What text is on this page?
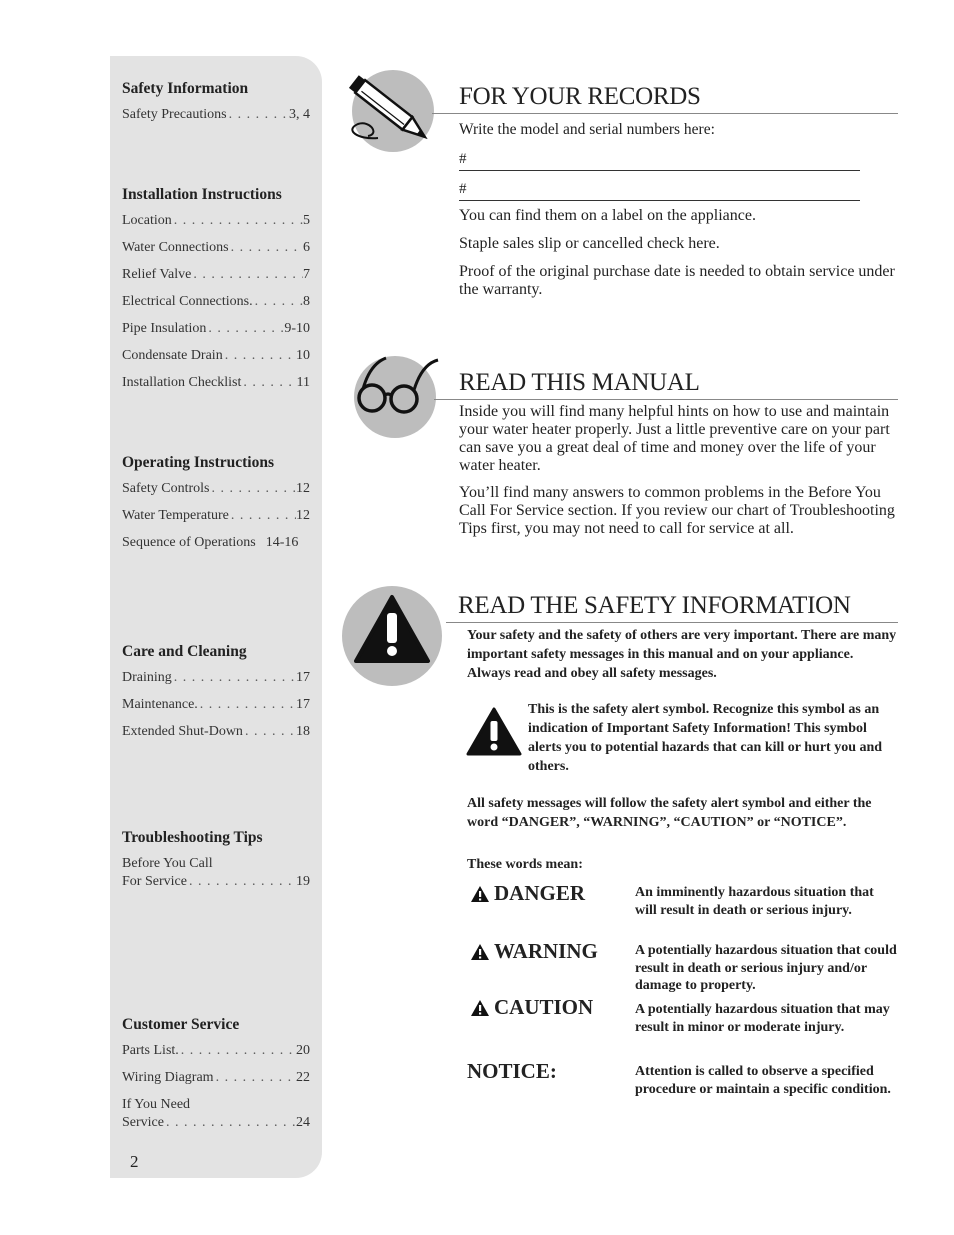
Safety Information
Safety Precautions . . .	3, 4
Installation Instructions
Location . . .	5
Water Connections . . .	6
Relief Valve . . .	7
Electrical Connections. . . .	8
Pipe Insulation . . .	9-10
Condensate Drain . . .	10
Installation Checklist . . .	11
Operating Instructions
Safety Controls . . .	12
Water Temperature . . .	12
Sequence of Operations 14-16
Care and Cleaning
Draining . . .	17
Maintenance. . . .	17
Extended Shut-Down . . .	18
Troubleshooting Tips
Before You Call
For Service . . .	19
Customer Service
Parts List. . . .	20
Wiring Diagram . . .	22
If You Need
Service . . .	24
2
FOR YOUR RECORDS
Write the model and serial numbers here:
#
#

You can find them on a label on the appliance.

Staple sales slip or cancelled check here.

Proof of the original purchase date is needed to obtain service under the warranty.

READ THIS MANUAL

Inside you will find many helpful hints on how to use and maintain your water heater properly. Just a little preventive care on your part can save you a great deal of time and money over the life of your water heater.

You’ll find many answers to common problems in the Before You Call For Service section. If you review our chart of Troubleshooting Tips first, you may not need to call for service at all.

READ THE SAFETY INFORMATION
Your safety and the safety of others are very important. There are many important safety messages in this manual and on your appliance. Always read and obey all safety messages.
This is the safety alert symbol. Recognize this symbol as an indication of Important Safety Information! This symbol alerts you to potential hazards that can kill or hurt you and others.
All safety messages will follow the safety alert symbol and either the word “DANGER”, “WARNING”, “CAUTION” or “NOTICE”.
These words mean:
DANGER	An imminently hazardous situation that will result in death or serious injury.
WARNING	A potentially hazardous situation that could result in death or serious injury and/or damage to property.
CAUTION	A potentially hazardous situation that may result in minor or moderate injury.
NOTICE:	Attention is called to observe a specified procedure or maintain a specific condition.
